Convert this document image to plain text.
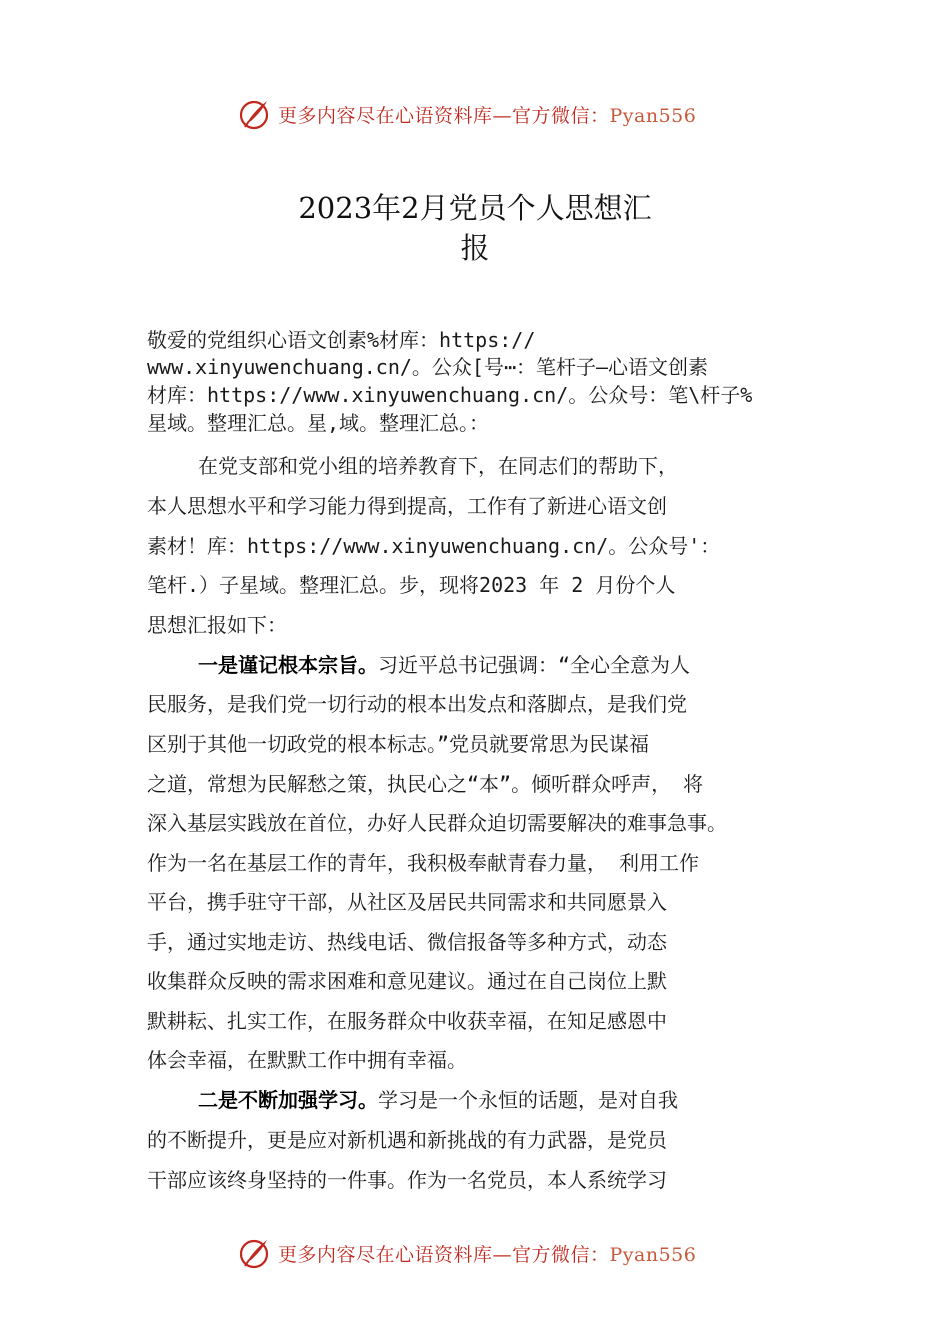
更多内容尽在心语资料库—官方微信：Pyan556
2023年2月党员个人思想汇
报
敬爱的党组织心语文创素%材库：https://
www.xinyuwenchuang.cn/。公众[号⋯：笔杆子—心语文创素
材库：https://www.xinyuwenchuang.cn/。公众号：笔\杆子%
星域。整理汇总。星,域。整理汇总。：
在党支部和党小组的培养教育下，在同志们的帮助下，
本人思想水平和学习能力得到提高，工作有了新进心语文创
素材！库：https://www.xinyuwenchuang.cn/。公众号'：
笔杆.）子星域。整理汇总。步，现将2023 年 2 月份个人
思想汇报如下：
一是谨记根本宗旨。习近平总书记强调：“全心全意为人
民服务，是我们党一切行动的根本出发点和落脚点，是我们党
区别于其他一切政党的根本标志。”党员就要常思为民谋福
之道，常想为民解愁之策，执民心之“本”。倾听群众呼声， 将
深入基层实践放在首位，办好人民群众迫切需要解决的难事急事。
作为一名在基层工作的青年，我积极奉献青春力量， 利用工作
平台，携手驻守干部，从社区及居民共同需求和共同愿景入
手，通过实地走访、热线电话、微信报备等多种方式，动态
收集群众反映的需求困难和意见建议。通过在自己岗位上默
默耕耘、扎实工作，在服务群众中收获幸福，在知足感恩中
体会幸福，在默默工作中拥有幸福。
二是不断加强学习。学习是一个永恒的话题，是对自我
的不断提升，更是应对新机遇和新挑战的有力武器，是党员
干部应该终身坚持的一件事。作为一名党员，本人系统学习
更多内容尽在心语资料库—官方微信：Pyan556
